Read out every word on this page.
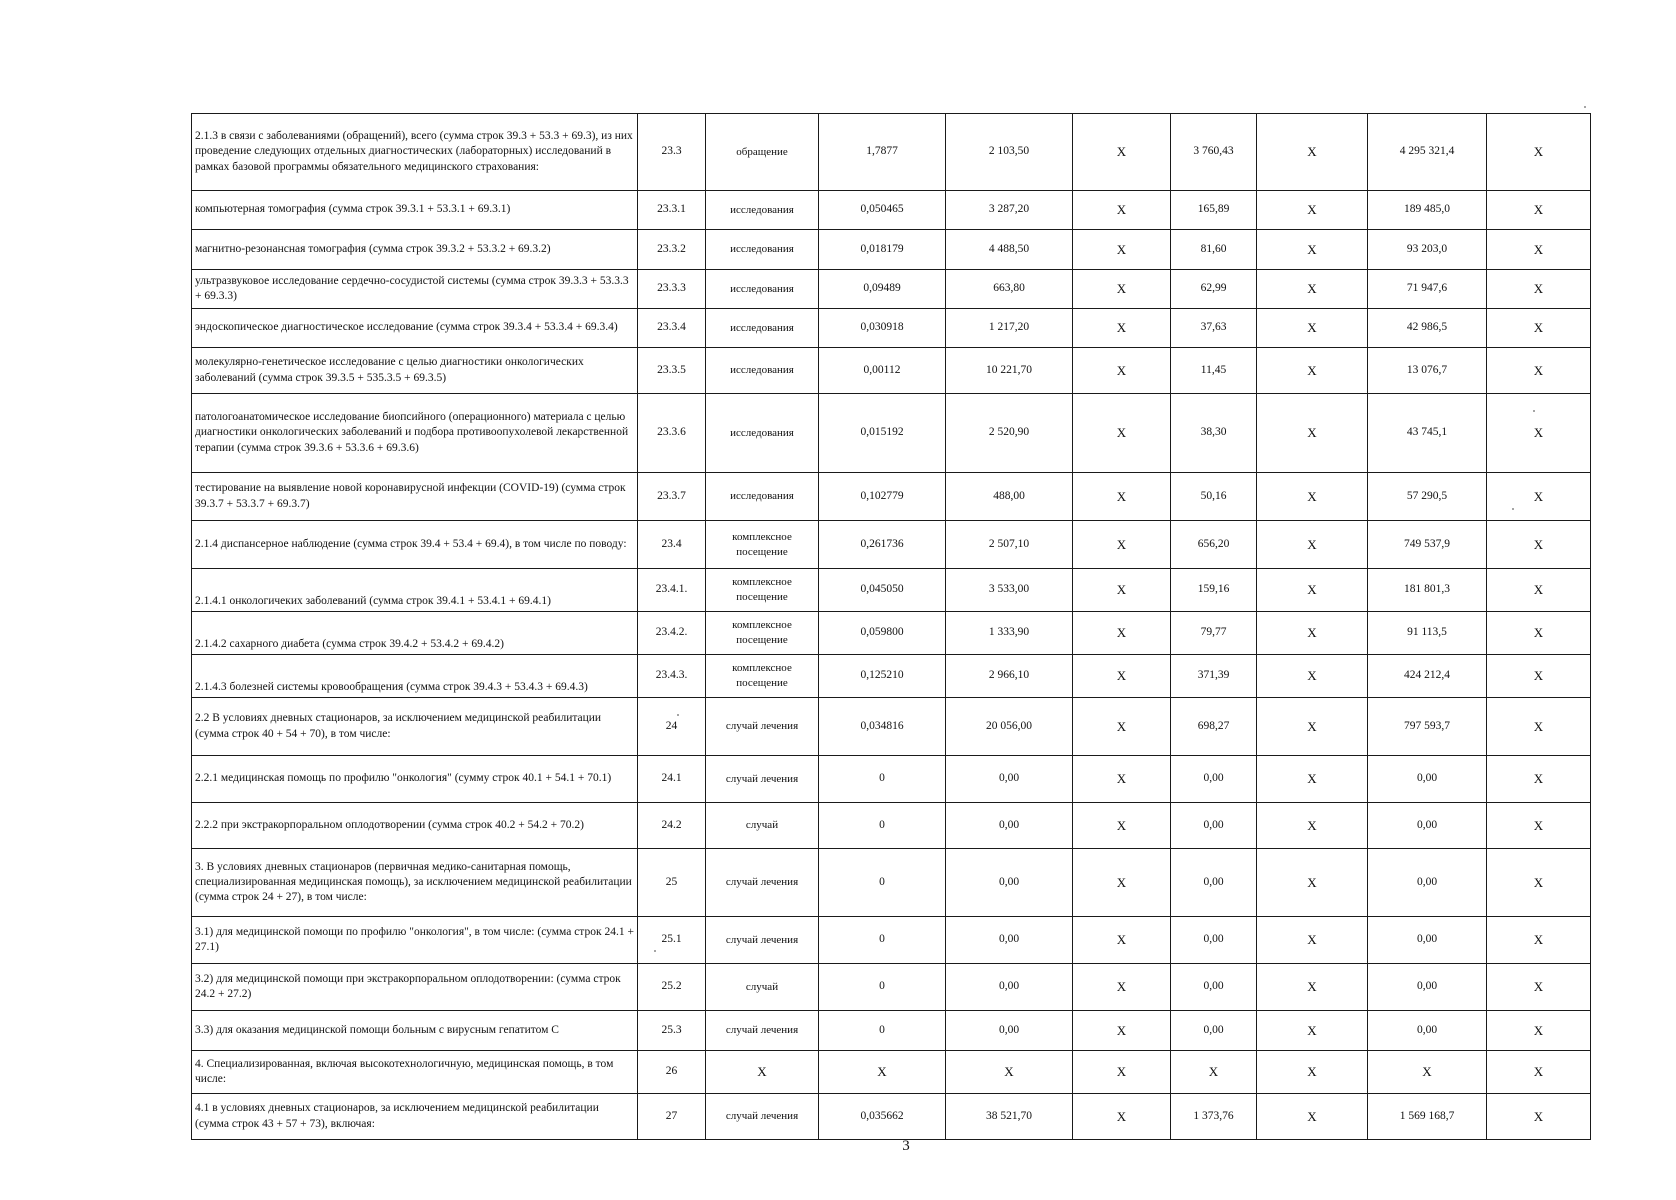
2.1.3 в связи с заболеваниями (обращений), всего (сумма строк 39.3 + 53.3 + 69.3), из них проведение следующих отдельных диагностических (лабораторных) исследований в рамках базовой программы обязательного медицинского страхования:	23.3	обращение	1,7877	2 103,50	Х	3 760,43	Х	4 295 321,4	Х
компьютерная томография (сумма строк 39.3.1 + 53.3.1 + 69.3.1)	23.3.1	исследования	0,050465	3 287,20	Х	165,89	Х	189 485,0	Х
магнитно-резонансная томография (сумма строк 39.3.2 + 53.3.2 + 69.3.2)	23.3.2	исследования	0,018179	4 488,50	Х	81,60	Х	93 203,0	Х
ультразвуковое исследование сердечно-сосудистой системы (сумма строк 39.3.3 + 53.3.3 + 69.3.3)	23.3.3	исследования	0,09489	663,80	Х	62,99	Х	71 947,6	Х
эндоскопическое диагностическое исследование (сумма строк 39.3.4 + 53.3.4 + 69.3.4)	23.3.4	исследования	0,030918	1 217,20	Х	37,63	Х	42 986,5	Х
молекулярно-генетическое исследование с целью диагностики онкологических заболеваний (сумма строк 39.3.5 + 535.3.5 + 69.3.5)	23.3.5	исследования	0,00112	10 221,70	Х	11,45	Х	13 076,7	Х
патологоанатомическое исследование биопсийного (операционного) материала с целью диагностики онкологических заболеваний и подбора противоопухолевой лекарственной терапии (сумма строк 39.3.6 + 53.3.6 + 69.3.6)	23.3.6	исследования	0,015192	2 520,90	Х	38,30	Х	43 745,1	Х
тестирование на выявление новой коронавирусной инфекции (COVID-19) (сумма строк 39.3.7 + 53.3.7 + 69.3.7)	23.3.7	исследования	0,102779	488,00	Х	50,16	Х	57 290,5	Х
2.1.4 диспансерное наблюдение (сумма строк 39.4 + 53.4 + 69.4), в том числе по поводу:	23.4	комплексное посещение	0,261736	2 507,10	Х	656,20	Х	749 537,9	Х
2.1.4.1 онкологичеких заболеваний (сумма строк 39.4.1 + 53.4.1 + 69.4.1)	23.4.1.	комплексное посещение	0,045050	3 533,00	Х	159,16	Х	181 801,3	Х
2.1.4.2 сахарного диабета (сумма строк 39.4.2 + 53.4.2 + 69.4.2)	23.4.2.	комплексное посещение	0,059800	1 333,90	Х	79,77	Х	91 113,5	Х
2.1.4.3 болезней системы кровообращения (сумма строк 39.4.3 + 53.4.3 + 69.4.3)	23.4.3.	комплексное посещение	0,125210	2 966,10	Х	371,39	Х	424 212,4	Х
2.2 В условиях дневных стационаров, за исключением медицинской реабилитации (сумма строк 40 + 54 + 70), в том числе:	24	случай лечения	0,034816	20 056,00	Х	698,27	Х	797 593,7	Х
2.2.1 медицинская помощь по профилю "онкология" (сумму строк 40.1 + 54.1 + 70.1)	24.1	случай лечения	0	0,00	Х	0,00	Х	0,00	Х
2.2.2 при экстракорпоральном оплодотворении (сумма строк 40.2 + 54.2 + 70.2)	24.2	случай	0	0,00	Х	0,00	Х	0,00	Х
3. В условиях дневных стационаров (первичная медико-санитарная помощь, специализированная медицинская помощь), за исключением медицинской реабилитации (сумма строк 24 + 27), в том числе:	25	случай лечения	0	0,00	Х	0,00	Х	0,00	Х
3.1) для медицинской помощи по профилю "онкология", в том числе: (сумма строк 24.1 + 27.1)	25.1	случай лечения	0	0,00	Х	0,00	Х	0,00	Х
3.2) для медицинской помощи при экстракорпоральном оплодотворении: (сумма строк 24.2 + 27.2)	25.2	случай	0	0,00	Х	0,00	Х	0,00	Х
3.3) для оказания медицинской помощи больным с вирусным гепатитом С	25.3	случай лечения	0	0,00	Х	0,00	Х	0,00	Х
4. Специализированная, включая высокотехнологичную, медицинская помощь, в том числе:	26	Х	Х	Х	Х	Х	Х	Х	Х
4.1 в условиях дневных стационаров, за исключением медицинской реабилитации (сумма строк 43 + 57 + 73), включая:	27	случай лечения	0,035662	38 521,70	Х	1 373,76	Х	1 569 168,7	Х
3
